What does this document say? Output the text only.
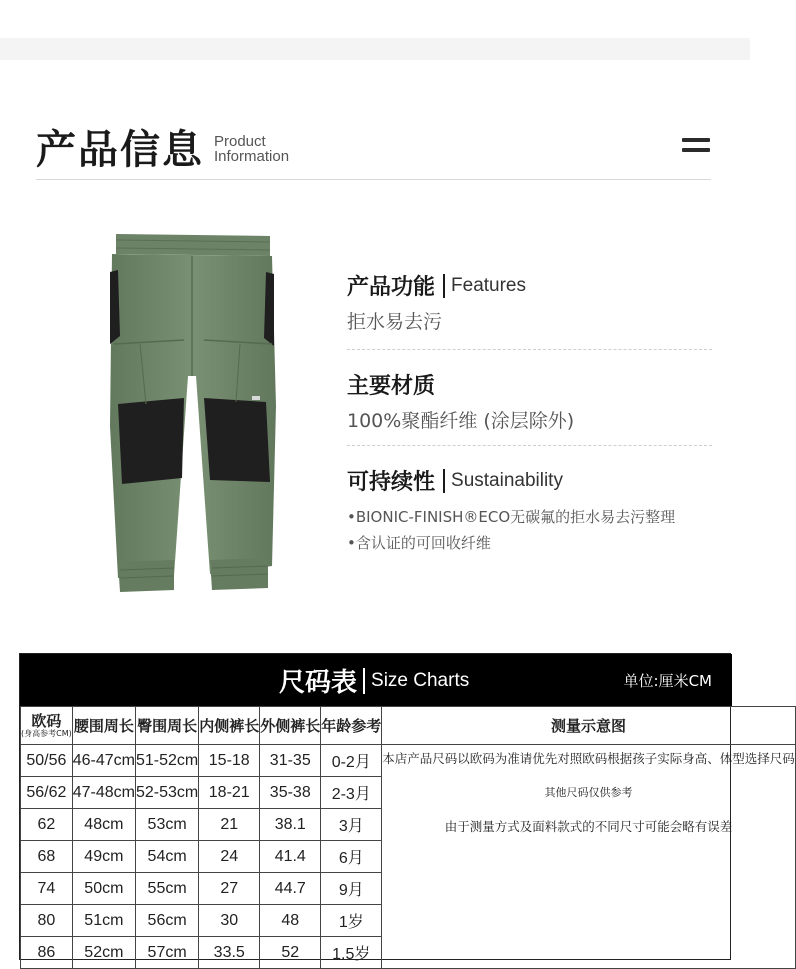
产品信息 Product
Information
产品功能 Features
拒水易去污
主要材质
100%聚酯纤维 (涂层除外)
可持续性 Sustainability
•BIONIC-FINISH®ECO无碳氟的拒水易去污整理
•含认证的可回收纤维
尺码表 Size Charts	单位:厘米CM
欧码
(身高参考CM)	腰围周长	臀围周长	内侧裤长	外侧裤长	年龄参考	测量示意图
50/56	46-47cm	51-52cm	15-18	31-35	0-2月	本店产品尺码以欧码为准请优先对照欧码根据孩子实际身高、体型选择尺码
其他尺码仅供参考
由于测量方式及面料款式的不同尺寸可能会略有误差

56/62	47-48cm	52-53cm	18-21	35-38	2-3月	
62	48cm	53cm	21	38.1	3月	
68	49cm	54cm	24	41.4	6月	
74	50cm	55cm	27	44.7	9月	
80	51cm	56cm	30	48	1岁	
86	52cm	57cm	33.5	52	1.5岁	
